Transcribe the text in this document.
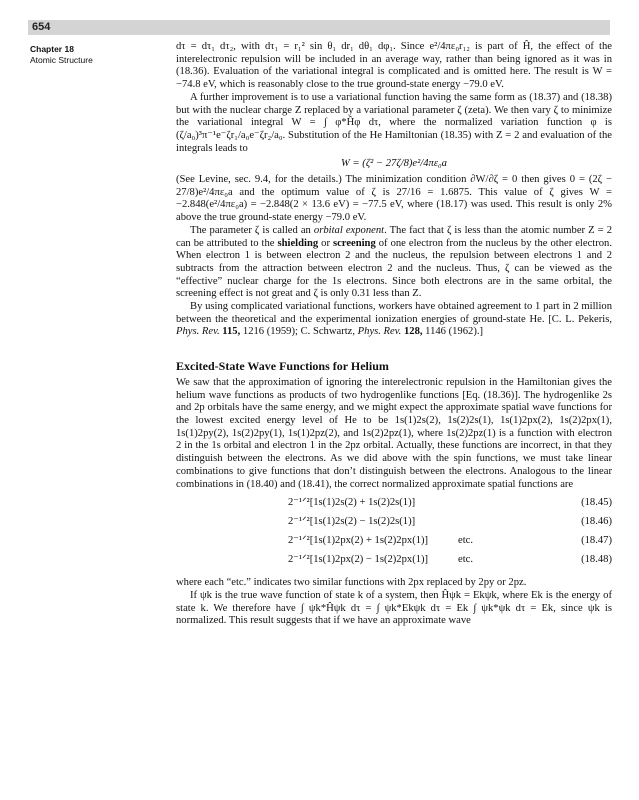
654
Chapter 18
Atomic Structure

dτ = dτ₁ dτ₂, with dτ₁ = r₁² sin θ₁ dr₁ dθ₁ dφ₁. Since e²/4πε₀r₁₂ is part of Ĥ, the effect of the interelectronic repulsion will be included in an average way, rather than being ignored as it was in (18.36). Evaluation of the variational integral is complicated and is omitted here. The result is W = −74.8 eV, which is reasonably close to the true ground-state energy −79.0 eV.

A further improvement is to use a variational function having the same form as (18.37) and (18.38) but with the nuclear charge Z replaced by a variational parameter ζ (zeta). We then vary ζ to minimize the variational integral W = ∫ φ*Ĥφ dτ, where the normalized variation function φ is (ζ/a₀)³π⁻¹e⁻ζr₁/a₀e⁻ζr₂/a₀. Substitution of the He Hamiltonian (18.35) with Z = 2 and evaluation of the integrals leads to

W = (ζ² − 27ζ/8)e²/4πε₀a

(See Levine, sec. 9.4, for the details.) The minimization condition ∂W/∂ζ = 0 then gives 0 = (2ζ − 27/8)e²/4πε₀a and the optimum value of ζ is 27/16 = 1.6875. This value of ζ gives W = −2.848(e²/4πε₀a) = −2.848(2 × 13.6 eV) = −77.5 eV, where (18.17) was used. This result is only 2% above the true ground-state energy −79.0 eV.

The parameter ζ is called an orbital exponent. The fact that ζ is less than the atomic number Z = 2 can be attributed to the shielding or screening of one electron from the nucleus by the other electron. When electron 1 is between electron 2 and the nucleus, the repulsion between electrons 1 and 2 subtracts from the attraction between electron 2 and the nucleus. Thus, ζ can be viewed as the “effective” nuclear charge for the 1s electrons. Since both electrons are in the same orbital, the screening effect is not great and ζ is only 0.31 less than Z.

By using complicated variational functions, workers have obtained agreement to 1 part in 2 million between the theoretical and the experimental ionization energies of ground-state He. [C. L. Pekeris, Phys. Rev. 115, 1216 (1959); C. Schwartz, Phys. Rev. 128, 1146 (1962).]

Excited-State Wave Functions for Helium

We saw that the approximation of ignoring the interelectronic repulsion in the Hamiltonian gives the helium wave functions as products of two hydrogenlike functions [Eq. (18.36)]. The hydrogenlike 2s and 2p orbitals have the same energy, and we might expect the approximate spatial wave functions for the lowest excited energy level of He to be 1s(1)2s(2), 1s(2)2s(1), 1s(1)2px(2), 1s(2)2px(1), 1s(1)2py(2), 1s(2)2py(1), 1s(1)2pz(2), and 1s(2)2pz(1), where 1s(2)2pz(1) is a function with electron 2 in the 1s orbital and electron 1 in the 2pz orbital. Actually, these functions are incorrect, in that they distinguish between the electrons. As we did above with the spin functions, we must take linear combinations to give functions that don’t distinguish between the electrons. Analogous to the linear combinations in (18.40) and (18.41), the correct normalized approximate spatial functions are

2⁻¹ᐟ²[1s(1)2s(2) + 1s(2)2s(1)]	(18.45)
2⁻¹ᐟ²[1s(1)2s(2) − 1s(2)2s(1)]	(18.46)
2⁻¹ᐟ²[1s(1)2px(2) + 1s(2)2px(1)]	etc.	(18.47)
2⁻¹ᐟ²[1s(1)2px(2) − 1s(2)2px(1)]	etc.	(18.48)

where each “etc.” indicates two similar functions with 2px replaced by 2py or 2pz.

If ψk is the true wave function of state k of a system, then Ĥψk = Ekψk, where Ek is the energy of state k. We therefore have ∫ ψk*Ĥψk dτ = ∫ ψk*Ekψk dτ = Ek ∫ ψk*ψk dτ = Ek, since ψk is normalized. This result suggests that if we have an approximate wave
